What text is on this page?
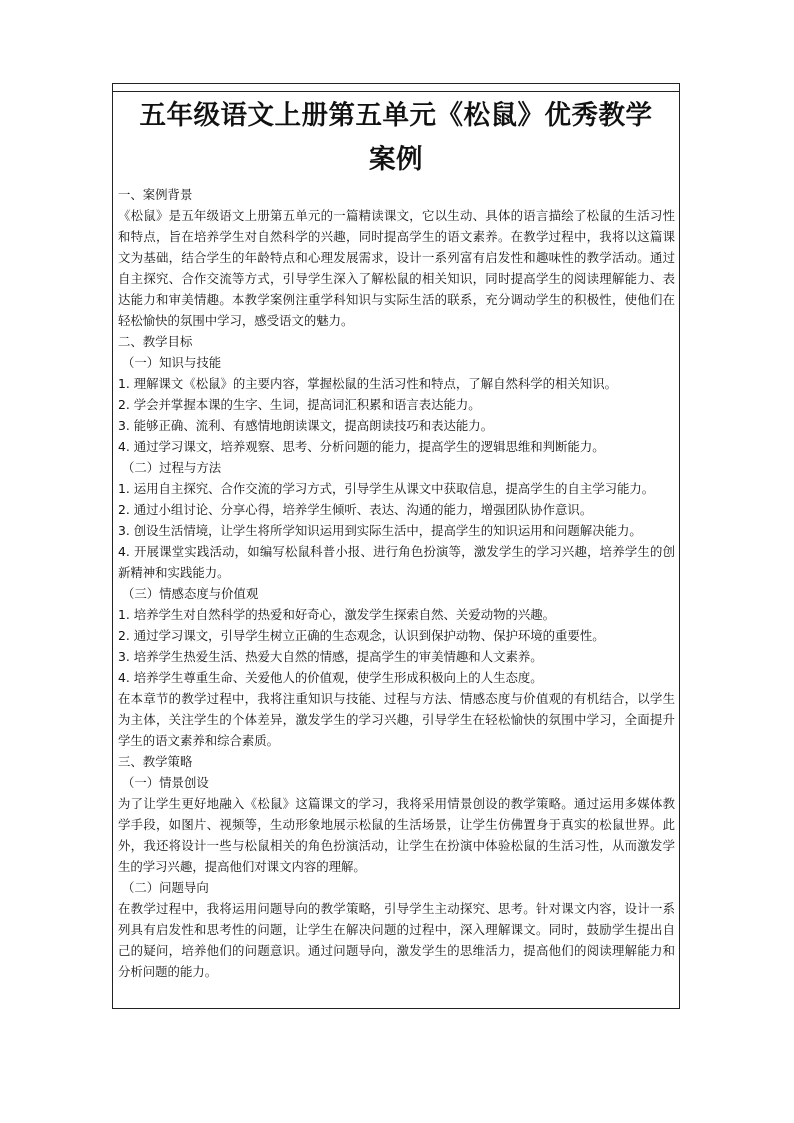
五年级语文上册第五单元《松鼠》优秀教学
案例

一、案例背景

《松鼠》是五年级语文上册第五单元的一篇精读课文，它以生动、具体的语言描绘了松鼠的生活习性和特点，旨在培养学生对自然科学的兴趣，同时提高学生的语文素养。在教学过程中，我将以这篇课文为基础，结合学生的年龄特点和心理发展需求，设计一系列富有启发性和趣味性的教学活动。通过自主探究、合作交流等方式，引导学生深入了解松鼠的相关知识，同时提高学生的阅读理解能力、表达能力和审美情趣。本教学案例注重学科知识与实际生活的联系，充分调动学生的积极性，使他们在轻松愉快的氛围中学习，感受语文的魅力。

二、教学目标

（一）知识与技能

1. 理解课文《松鼠》的主要内容，掌握松鼠的生活习性和特点，了解自然科学的相关知识。

2. 学会并掌握本课的生字、生词，提高词汇积累和语言表达能力。

3. 能够正确、流利、有感情地朗读课文，提高朗读技巧和表达能力。

4. 通过学习课文，培养观察、思考、分析问题的能力，提高学生的逻辑思维和判断能力。

（二）过程与方法

1. 运用自主探究、合作交流的学习方式，引导学生从课文中获取信息，提高学生的自主学习能力。

2. 通过小组讨论、分享心得，培养学生倾听、表达、沟通的能力，增强团队协作意识。

3. 创设生活情境，让学生将所学知识运用到实际生活中，提高学生的知识运用和问题解决能力。

4. 开展课堂实践活动，如编写松鼠科普小报、进行角色扮演等，激发学生的学习兴趣，培养学生的创新精神和实践能力。

（三）情感态度与价值观

1. 培养学生对自然科学的热爱和好奇心，激发学生探索自然、关爱动物的兴趣。

2. 通过学习课文，引导学生树立正确的生态观念，认识到保护动物、保护环境的重要性。

3. 培养学生热爱生活、热爱大自然的情感，提高学生的审美情趣和人文素养。

4. 培养学生尊重生命、关爱他人的价值观，使学生形成积极向上的人生态度。

在本章节的教学过程中，我将注重知识与技能、过程与方法、情感态度与价值观的有机结合，以学生为主体，关注学生的个体差异，激发学生的学习兴趣，引导学生在轻松愉快的氛围中学习，全面提升学生的语文素养和综合素质。

三、教学策略

（一）情景创设

为了让学生更好地融入《松鼠》这篇课文的学习，我将采用情景创设的教学策略。通过运用多媒体教学手段，如图片、视频等，生动形象地展示松鼠的生活场景，让学生仿佛置身于真实的松鼠世界。此外，我还将设计一些与松鼠相关的角色扮演活动，让学生在扮演中体验松鼠的生活习性，从而激发学生的学习兴趣，提高他们对课文内容的理解。

（二）问题导向

在教学过程中，我将运用问题导向的教学策略，引导学生主动探究、思考。针对课文内容，设计一系列具有启发性和思考性的问题，让学生在解决问题的过程中，深入理解课文。同时，鼓励学生提出自己的疑问，培养他们的问题意识。通过问题导向，激发学生的思维活力，提高他们的阅读理解能力和分析问题的能力。
